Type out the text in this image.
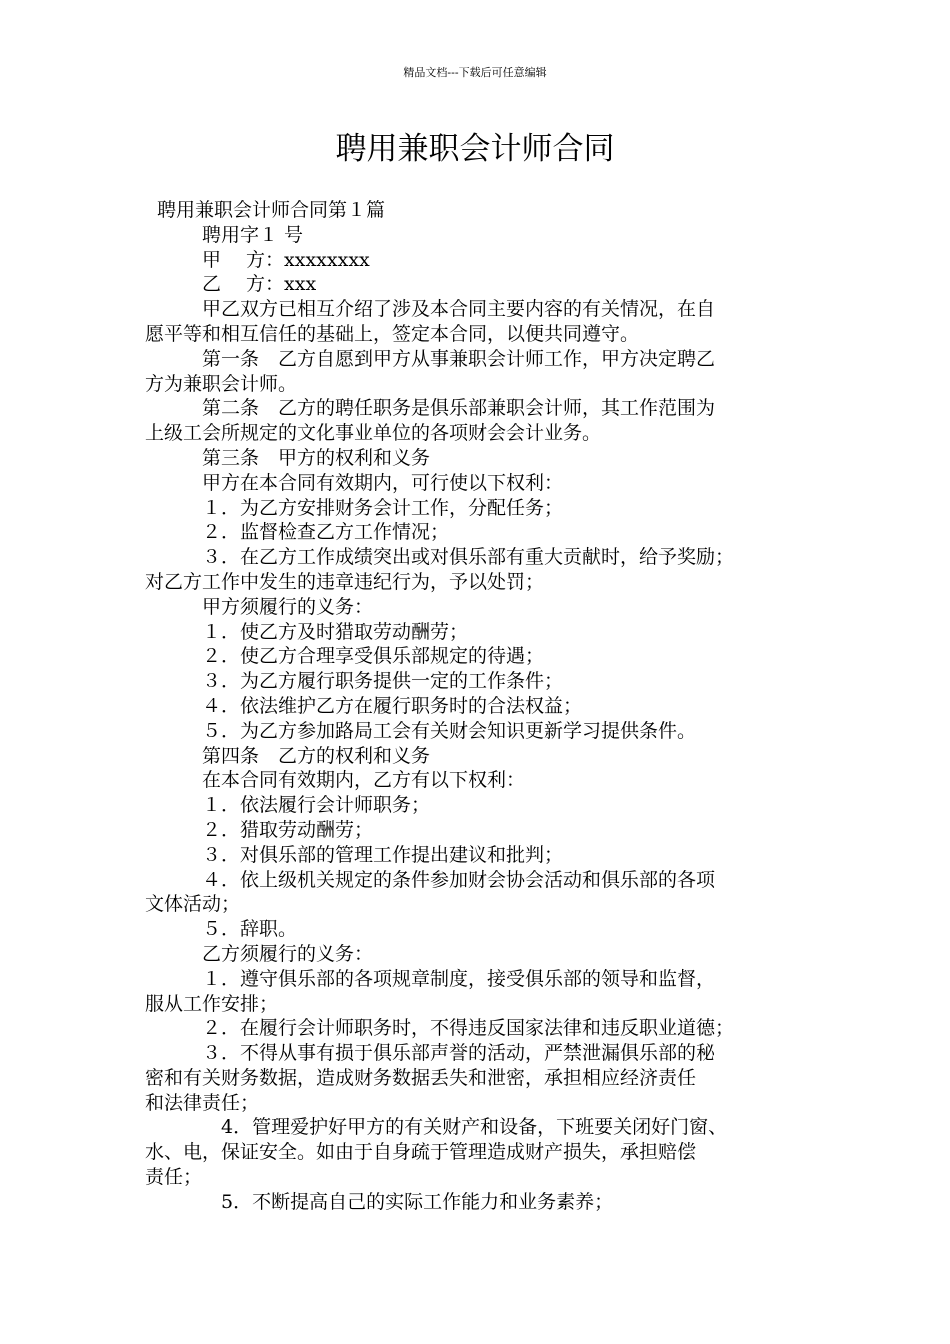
精品文档---下载后可任意编辑
聘用兼职会计师合同
聘用兼职会计师合同第１篇
聘用字１ 号
甲　 方：xxxxxxxx
乙　 方：xxx
甲乙双方已相互介绍了涉及本合同主要内容的有关情况，在自
愿平等和相互信任的基础上，签定本合同，以便共同遵守。
第一条　乙方自愿到甲方从事兼职会计师工作，甲方决定聘乙
方为兼职会计师。
第二条　乙方的聘任职务是俱乐部兼职会计师，其工作范围为
上级工会所规定的文化事业单位的各项财会会计业务。
第三条　甲方的权利和义务
甲方在本合同有效期内，可行使以下权利：
１．为乙方安排财务会计工作，分配任务；
２．监督检查乙方工作情况；
３．在乙方工作成绩突出或对俱乐部有重大贡献时，给予奖励；
对乙方工作中发生的违章违纪行为，予以处罚；
甲方须履行的义务：
１．使乙方及时猎取劳动酬劳；
２．使乙方合理享受俱乐部规定的待遇；
３．为乙方履行职务提供一定的工作条件；
４．依法维护乙方在履行职务时的合法权益；
５．为乙方参加路局工会有关财会知识更新学习提供条件。
第四条　乙方的权利和义务
在本合同有效期内，乙方有以下权利：
１．依法履行会计师职务；
２．猎取劳动酬劳；
３．对俱乐部的管理工作提出建议和批判；
４．依上级机关规定的条件参加财会协会活动和俱乐部的各项
文体活动；
５．辞职。
乙方须履行的义务：
１．遵守俱乐部的各项规章制度，接受俱乐部的领导和监督，
服从工作安排；
２．在履行会计师职务时，不得违反国家法律和违反职业道德；
３．不得从事有损于俱乐部声誉的活动，严禁泄漏俱乐部的秘
密和有关财务数据，造成财务数据丢失和泄密，承担相应经济责任
和法律责任；
　4．管理爱护好甲方的有关财产和设备，下班要关闭好门窗、
水、电，保证安全。如由于自身疏于管理造成财产损失，承担赔偿
责任；
　5．不断提高自己的实际工作能力和业务素养；
